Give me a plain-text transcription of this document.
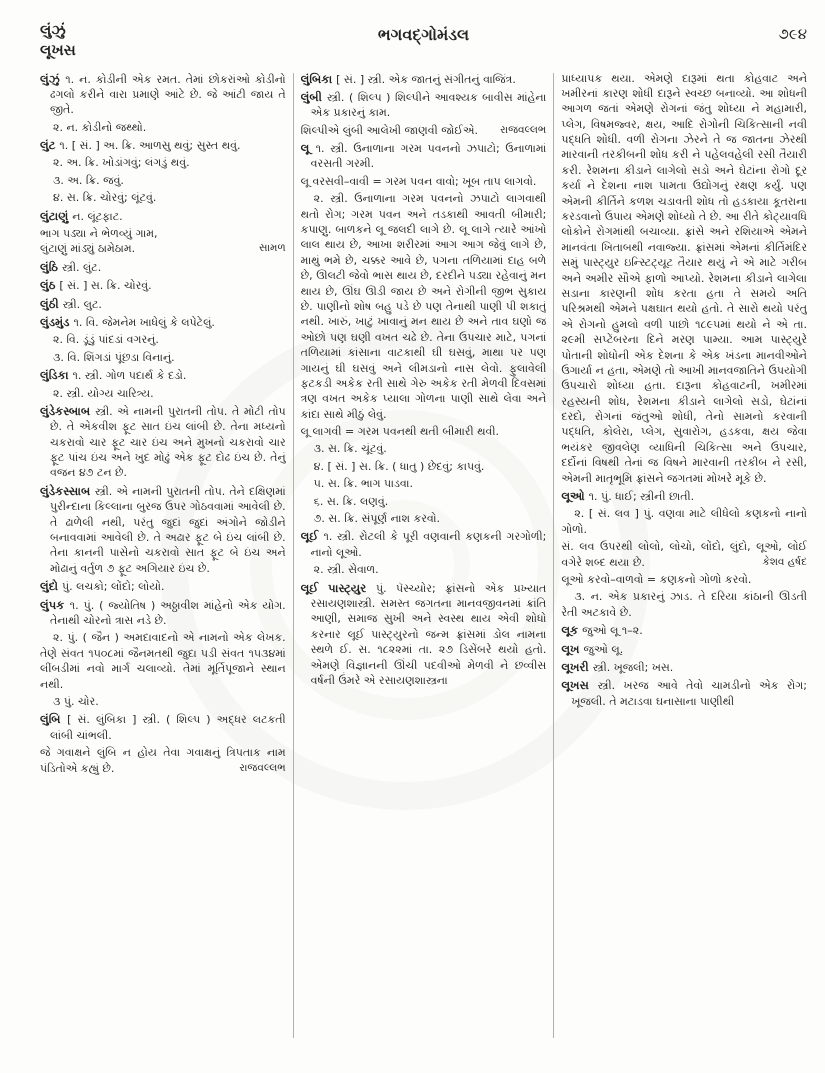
લુંઝું
લૂખસ
ભગવદ્ગોમંડલ	૭૯૪

લુંઝું ૧. ન. કોડીની એક રમત. તેમાં છોકરાંઓ કોડીનો ઢગલો કરીને વારા પ્રમાણે આંટે છે. જે આંટી જાય તે જીતે.

૨. ન. કોડીનો જથ્થો.

લુંટ ૧. [ સં. ] અ. ક્રિ. આળસુ થવું; સુસ્ત થવું.

૨. અ. ક્રિ. ખોડાંગવું; લંગડું થવું.

૩. અ. ક્રિ. જવું.

૪. સ. ક્રિ. ચોરવું; લૂંટવું.

લુંટાણું ન. લૂંટફાટ.

ભાગ પડ્યા ને ભેળવ્યું ગામ,
લુંટાણું માંડ્યું ઠામેઠામ.	સામળ

લુંઠિ સ્ત્રી. લુંટ.

લુંઠ [ સં. ] સ. ક્રિ. ચોરવું.

લુંઠી સ્ત્રી. લુટ.

લુંડમુંડ ૧. વિ. જેમનેમ ખાધેલું કે લપેટેલું.

૨. વિ. ડૂંડું પાંદડાં વગરનું.

૩. વિ. શિંગડાં પૂંછડા વિનાનું.

લુંડિકા ૧. સ્ત્રી. ગોળ પદાર્થ કે દડો.

૨. સ્ત્રી. યોગ્ય ચારિત્ર્ય.

લુંડેકસ્બાબ સ્ત્રી. એ નામની પુરાતની તોપ. તે મોટી તોપ છે. તે એકવીશ ફૂટ સાત ઇંચ લાંબી છે. તેના મધ્યનો ચકરાવો ચાર ફૂટ ચાર ઇંચ અને મુખનો ચકરાવો ચાર ફૂટ પાંચ ઇંચ અને ખુદ મોઢું એક ફૂટ દોઢ ઇંચ છે. તેનું વજન ૪૭ ટન છે.

લુંડેકસ્સાબ સ્ત્રી. એ નામની પુરાતની તોપ. તેને દક્ષિણમાં પુરીન્દાના કિલ્લાના બુરજ ઉપર ગોઠવવામાં આવેલી છે. તે ઢાળેલી નથી, પરંતુ જુદાં જુદાં અંગોને જોડીને બનાવવામાં આવેલી છે. તે અઢાર ફૂટ બે ઇંચ લાંબી છે. તેના કાનની પાસેનો ચકરાવો સાત ફૂટ બે ઇંચ અને મોઢાનું વર્તુળ ૭ ફૂટ અગિયાર ઇંચ છે.

લુંદો પું. લચકો; લોંદો; લોયો.

લુંપક ૧. પું. ( જ્યોતિષ ) અઠ્ઠાવીશ માંહેનો એક યોગ. તેનાથી ચોરનો ત્રાસ નડે છે.

૨. પું. ( જૈન ) અમદાવાદનો એ નામનો એક લેખક. તેણે સંવત ૧૫૦૮માં જૈનમતથી જુદા પડી સંવત ૧૫૩૪માં લીંબડીમાં નવો માર્ગ ચલાવ્યો. તેમાં મૂર્તિપૂજાને સ્થાન નથી.

૩ પું. ચોર.

લુંબિ [ સં. લુંબિકા ] સ્ત્રી. ( શિલ્પ ) અદ્ધર લટકતી લાંબી ચાંભલી.

જે ગવાક્ષને લુંબિ ન હોય તેવા ગવાક્ષનું ત્રિપતાક નામ પંડિતોએ કહ્યું છે.	રાજવલ્લભ

લુંબિકા [ સં. ] સ્ત્રી. એક જાતનું સંગીતનું વાજિંત્ર.

લુંબી સ્ત્રી. ( શિલ્પ ) શિલ્પીને આવશ્યક બાવીસ માંહેના એક પ્રકારનું કામ.

શિલ્પીએ લુંબી આલેખી જાણવી જોઈએ.	રાજવલ્લભ

લૂ ૧. સ્ત્રી. ઉનાળાના ગરમ પવનનો ઝપાટો; ઉનાળામાં વરસતી ગરમી.

લૂ વરસવી–વાવી = ગરમ પવન વાવો; ખૂબ તાપ લાગવો.

૨. સ્ત્રી. ઉનાળાના ગરમ પવનનો ઝપાટો લાગવાથી થતો રોગ; ગરમ પવન અને તડકાથી આવતી બીમારી; કપાણુ. બાળકને લૂ જલદી લાગે છે. લૂ લાગે ત્યારે આંખો લાલ થાય છે, આખા શરીરમાં આગ આગ જેવું લાગે છે, માથું ભમે છે, ચક્કર આવે છે, પગના તળિયામાં દાહ બળે છે, ઊલટી જેવો ભાસ થાય છે, દરદીને પડ્યા રહેવાનું મન થાય છે, ઊંઘ ઊડી જાય છે અને રોગીની જીભ સુકાય છે. પાણીનો શોષ બહુ પડે છે પણ તેનાથી પાણી પી શકાતું નથી. ખારું, ખાટું ખાવાનું મન થાય છે અને તાવ ઘણો જ ઓછો પણ ઘણી વખત ચઢે છે. તેના ઉપચાર માટે, પગનાં તળિયામાં કાંસાના વાટકાથી ઘી ઘસવું, માથા પર પણ ગાયનું ઘી ઘસવું અને લીમડાનો નાસ લેવો. ફુલાવેલી ફટકડી અકેક રતી સાથે ગેરુ અકેક રતી મેળવી દિવસમાં ત્રણ વખત અકેક પ્યાલા ગોળના પાણી સાથે લેવા અને કાંદા સાથે મીઠું લેવું.

લૂ લાગવી = ગરમ પવનથી થતી બીમારી થવી.

૩. સ. ક્રિ. ચૂંટવું.

૪. [ સં. ] સ. ક્રિ. ( ધાતુ ) છેદવું; કાપવું.

૫. સ. ક્રિ. ભાગ પાડવા.

૬. સ. ક્રિ. લણવું.

૭. સ. ક્રિ. સંપૂર્ણ નાશ કરવો.

લૂઈ ૧. સ્ત્રી. રોટલી કે પૂરી વણવાની કણકની ગરગોળી; નાનો લૂઓ.

૨. સ્ત્રી. સેવાળ.

લૂઈ પાસ્ટ્યુર પું. પૅસ્ચ્યોર; ફ્રાંસનો એક પ્રખ્યાત રસાયણશાસ્ત્રી. સમસ્ત જગતના માનવજીવનમાં ક્રાંતિ આણી, સમાજ સુખી અને સ્વસ્થ થાય એવી શોધો કરનાર લૂઈ પાસ્ટ્યુરનો જન્મ ફ્રાંસમાં ડોલ નામના સ્થળે ઈ. સ. ૧૮૨૨માં તા. ૨૭ ડિસેંબરે થયો હતો. એમણે વિજ્ઞાનની ઊંચી પદવીઓ મેળવી ને છવ્વીસ વર્ષની ઉંમરે એ રસાયણશાસ્ત્રના

પ્રાધ્યાપક થયા. એમણે દારૂમાં થતા કોહવાટ અને ખમીરનાં કારણ શોધી દારૂને સ્વચ્છ બનાવ્યો. આ શોધની આગળ જતાં એમણે રોગનાં જંતુ શોધ્યા ને મહામારી, પ્લેગ, વિષમજ્વર, ક્ષય, આદિ રોગોની ચિકિત્સાની નવી પદ્ધતિ શોધી. વળી રોગના ઝેરને તે જ જાતના ઝેરથી મારવાની તરકીબની શોધ કરી ને પહેલવહેલી રસી તૈયારી કરી. રેશમના કીડાને લાગેલો સડો અને ઘેટાંના રોગો દૂર કર્યા ને દેશના નાશ પામતા ઉદ્યોગનું રક્ષણ કર્યું. પણ એમની કીર્તિને કળશ ચડાવતી શોધ તો હડકાયા કૂતરાના કરડવાનો ઉપાય એમણે શોધ્યો તે છે. આ રીતે કોટ્યાવધિ લોકોને રોગમાંથી બચાવ્યા. ફ્રાંસે અને રશિયાએ એમને માનવંતા ખિતાબથી નવાજ્યા. ફ્રાંસમાં એમનાં કીર્તિમંદિર સમું પાસ્ટ્યુર ઇન્સ્ટિટ્યૂટ તૈયાર થયું ને એ માટે ગરીબ અને અમીર સૌએ ફાળો આપ્યો. રેશમના કીડાને લાગેલા સડાના કારણની શોધ કરતા હતા તે સમયે અતિ પરિશ્રમથી એમને પક્ષઘાત થયો હતો. તે સારો થયો પરંતુ એ રોગનો હુમલો વળી પાછો ૧૮૯૫માં થયો ને એ તા. ૨૯મી સપ્ટેંબરના દિને મરણ પામ્યા. આમ પાસ્ટ્યુરે પોતાની શોધોની એક દેશના કે એક ખંડના માનવીઓને ઉગાર્યા ન હતા, એમણે તો આખી માનવજાતિને ઉપયોગી ઉપચારો શોધ્યા હતા. દારૂના કોહવાટની, ખમીરમાં રહસ્યની શોધ, રેશમના કીડાને લાગેલો સડો, ઘેટાંનાં દરદો, રોગનાં જંતુઓ શોધી, તેનો સામનો કરવાની પદ્ધતિ, કોલેરા, પ્લેગ, સુવારોગ, હડકવા, ક્ષય જેવા ભયંકર જીવલેણ વ્યાધિની ચિકિત્સા અને ઉપચાર, દર્દોનાં વિષથી તેનાં જ વિષને મારવાની તરકીબ ને રસી, એમની માતૃભૂમિ ફ્રાંસને જગતમાં મોખરે મૂકે છે.

લૂઓ ૧. પું. ધાઈ; સ્ત્રીની છાતી.

૨. [ સં. લવ ] પું. વણવા માટે લીધેલો કણકનો નાનો ગોળો.

સં. લવ ઉપરથી લોલો, લોચો, લોંદો, લુંદો, લૂઓ, લોઈ વગેરે શબ્દ થયા છે.	કેશવ હર્ષદ

લૂઓ કરવો–વાળવો = કણકનો ગોળો કરવો.

૩. ન. એક પ્રકારનું ઝાડ. તે દરિયા કાંઠાની ઊડતી રેતી અટકાવે છે.

લૂક જુઓ લૂ ૧–૨.

લૂખ જુઓ લૂ.

લૂખરી સ્ત્રી. ખૂજલી; ખસ.

લૂખસ સ્ત્રી. ખરજ આવે તેવો ચામડીનો એક રોગ; ખૂજલી. તે મટાડવા ઘનાસાના પાણીથી
